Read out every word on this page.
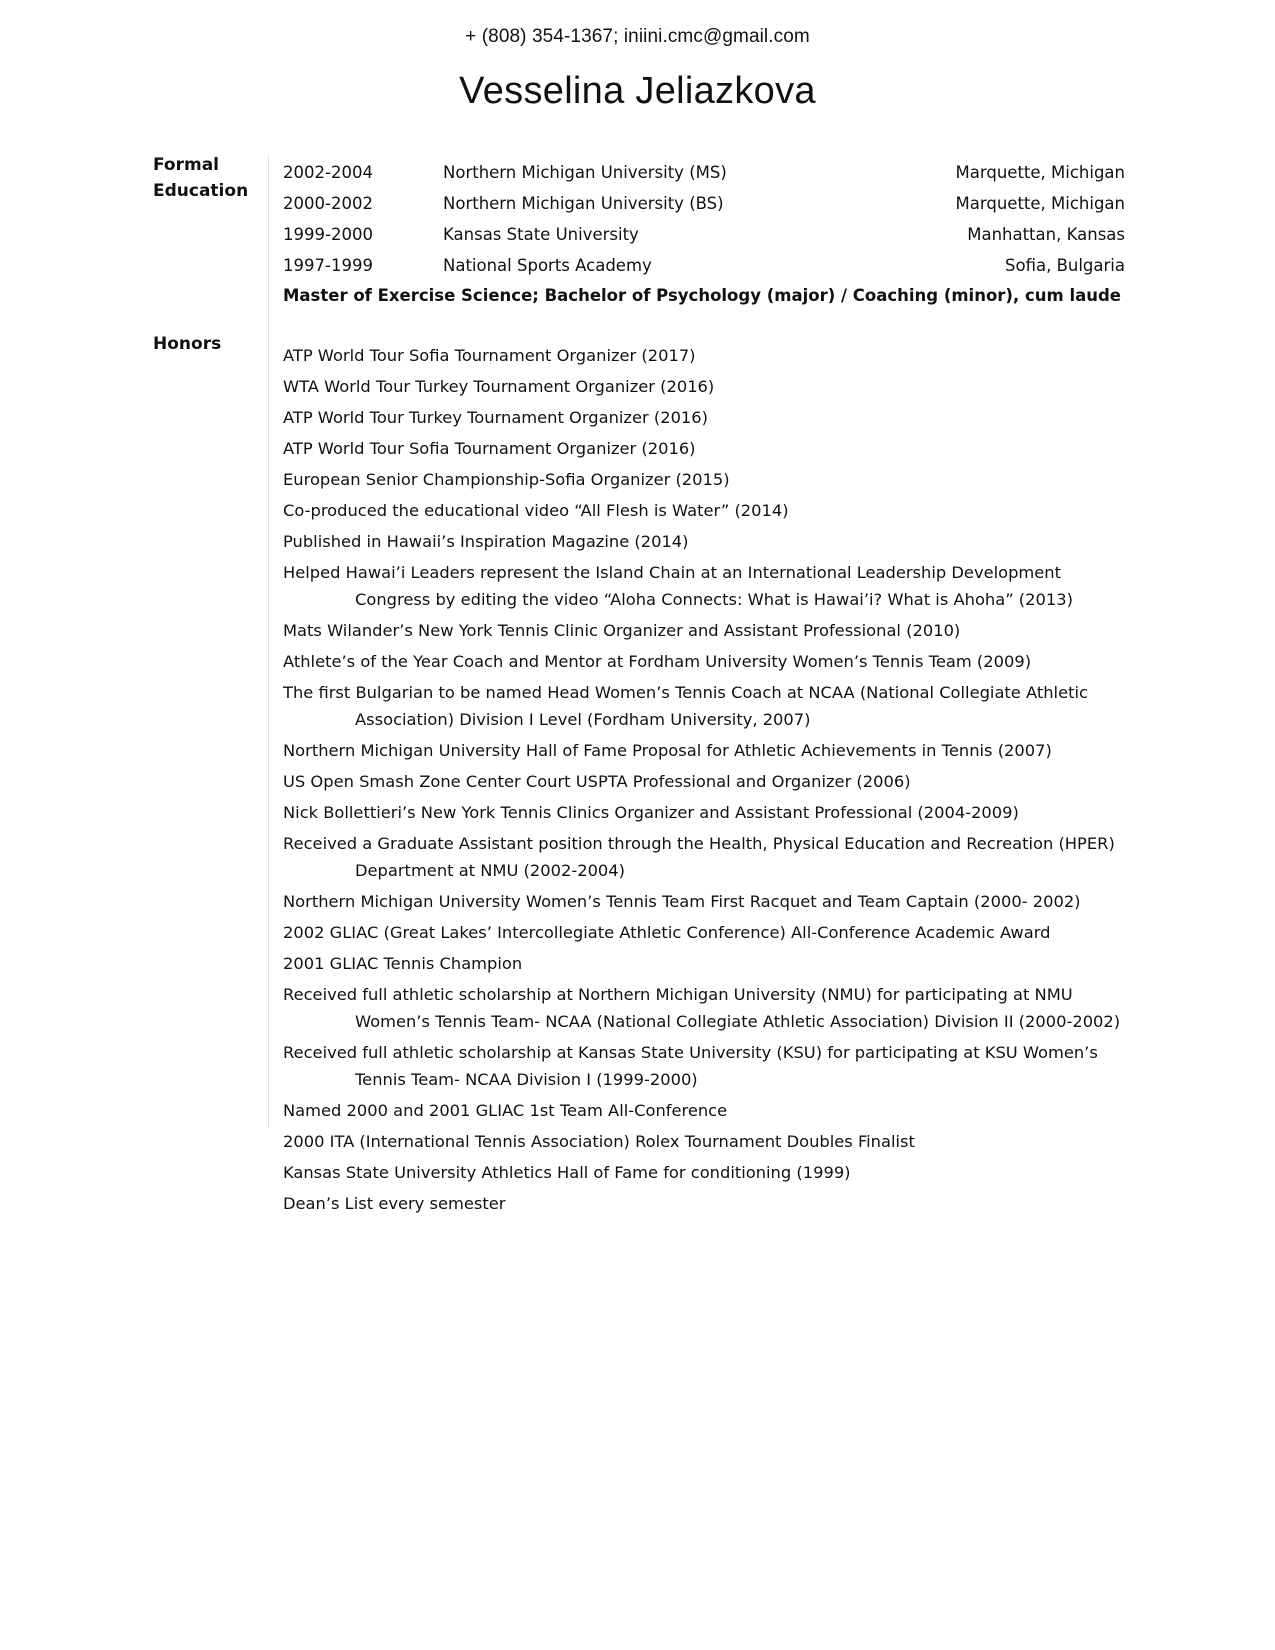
+ (808) 354-1367; iniini.cmc@gmail.com
Vesselina Jeliazkova
Formal
Education
2002-2004	Northern Michigan University (MS)	Marquette, Michigan
2000-2002	Northern Michigan University (BS)	Marquette, Michigan
1999-2000	Kansas State University	Manhattan, Kansas
1997-1999	National Sports Academy	Sofia, Bulgaria
Master of Exercise Science; Bachelor of Psychology (major) / Coaching (minor), cum laude
Honors
ATP World Tour Sofia Tournament Organizer (2017)
WTA World Tour Turkey Tournament Organizer (2016)
ATP World Tour Turkey Tournament Organizer (2016)
ATP World Tour Sofia Tournament Organizer (2016)
European Senior Championship-Sofia Organizer (2015)
Co-produced the educational video “All Flesh is Water” (2014)
Published in Hawaii’s Inspiration Magazine (2014)
Helped Hawai’i Leaders represent the Island Chain at an International Leadership Development Congress by editing the video “Aloha Connects: What is Hawai’i? What is Ahoha” (2013)
Mats Wilander’s New York Tennis Clinic Organizer and Assistant Professional (2010)
Athlete’s of the Year Coach and Mentor at Fordham University Women’s Tennis Team (2009)
The first Bulgarian to be named Head Women’s Tennis Coach at NCAA (National Collegiate Athletic Association) Division I Level (Fordham University, 2007)
Northern Michigan University Hall of Fame Proposal for Athletic Achievements in Tennis (2007)
US Open Smash Zone Center Court USPTA Professional and Organizer (2006)
Nick Bollettieri’s New York Tennis Clinics Organizer and Assistant Professional (2004-2009)
Received a Graduate Assistant position through the Health, Physical Education and Recreation (HPER) Department at NMU (2002-2004)
Northern Michigan University Women’s Tennis Team First Racquet and Team Captain (2000- 2002)
2002 GLIAC (Great Lakes’ Intercollegiate Athletic Conference) All-Conference Academic Award
2001 GLIAC Tennis Champion
Received full athletic scholarship at Northern Michigan University (NMU) for participating at NMU Women’s Tennis Team- NCAA (National Collegiate Athletic Association) Division II (2000-2002)
Received full athletic scholarship at Kansas State University (KSU) for participating at KSU Women’s Tennis Team- NCAA Division I (1999-2000)
Named 2000 and 2001 GLIAC 1st Team All-Conference
2000 ITA (International Tennis Association) Rolex Tournament Doubles Finalist
Kansas State University Athletics Hall of Fame for conditioning (1999)
Dean’s List every semester
